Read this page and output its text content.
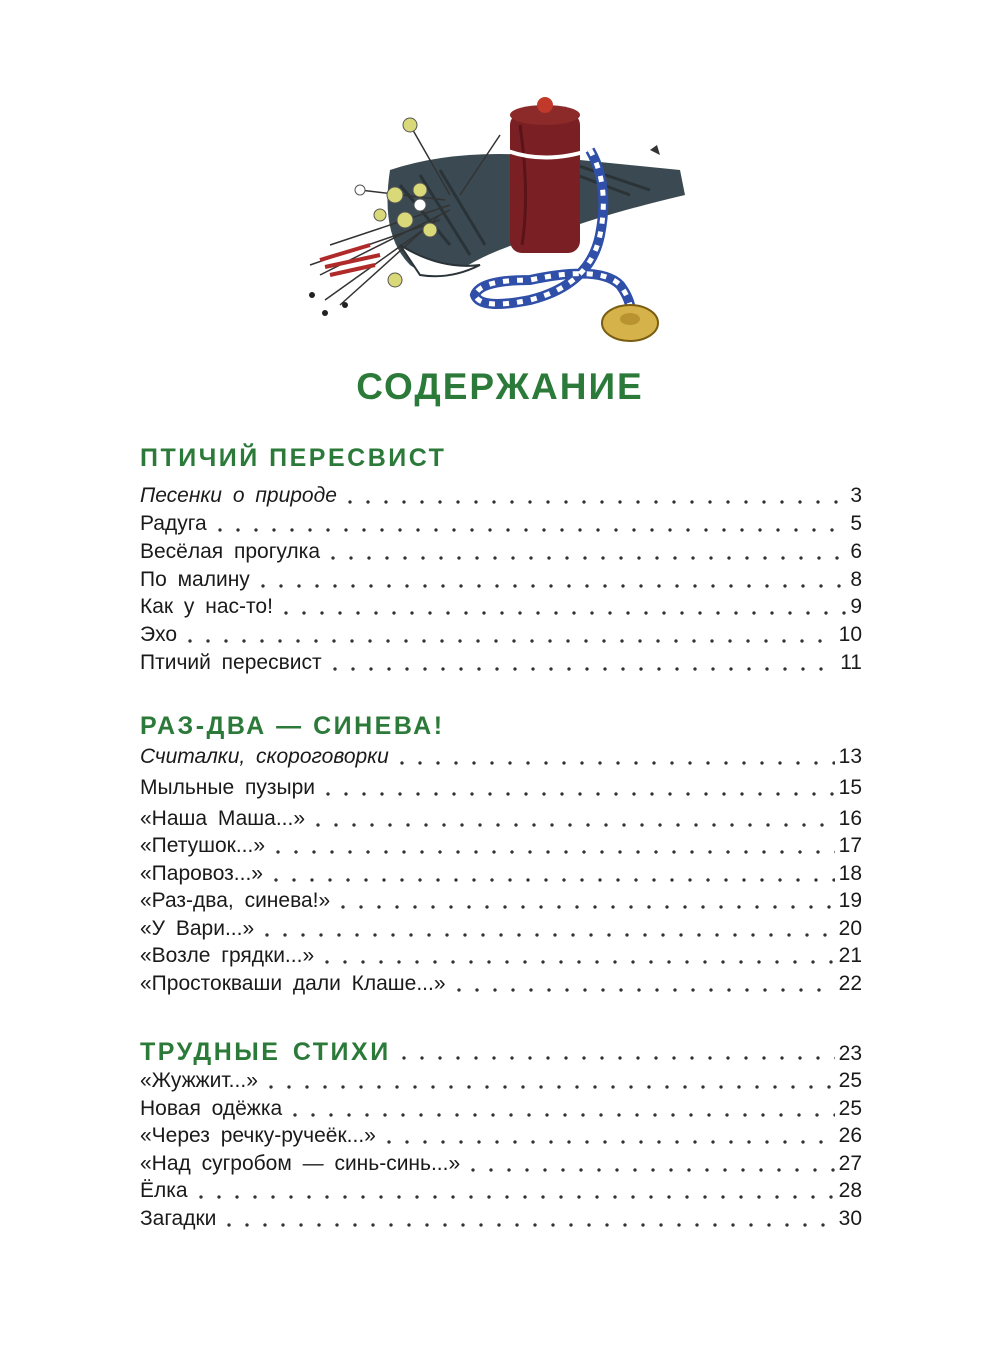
СОДЕРЖАНИЕ
ПТИЧИЙ ПЕРЕСВИСТ
Песенки о природе	3
Радуга	5
Весёлая прогулка	6
По малину	8
Как у нас-то!	9
Эхо	10
Птичий пересвист	11
РАЗ-ДВА — СИНЕВА!
Считалки, скороговорки	13
Мыльные пузыри	15
«Наша Маша...»	16
«Петушок...»	17
«Паровоз...»	18
«Раз-два, синева!»	19
«У Вари...»	20
«Возле грядки...»	21
«Простокваши дали Клаше...»	22
ТРУДНЫЕ СТИХИ	23
«Жужжит...»	25
Новая одёжка	25
«Через речку-ручеёк...»	26
«Над сугробом — синь-синь...»	27
Ёлка	28
Загадки	30
